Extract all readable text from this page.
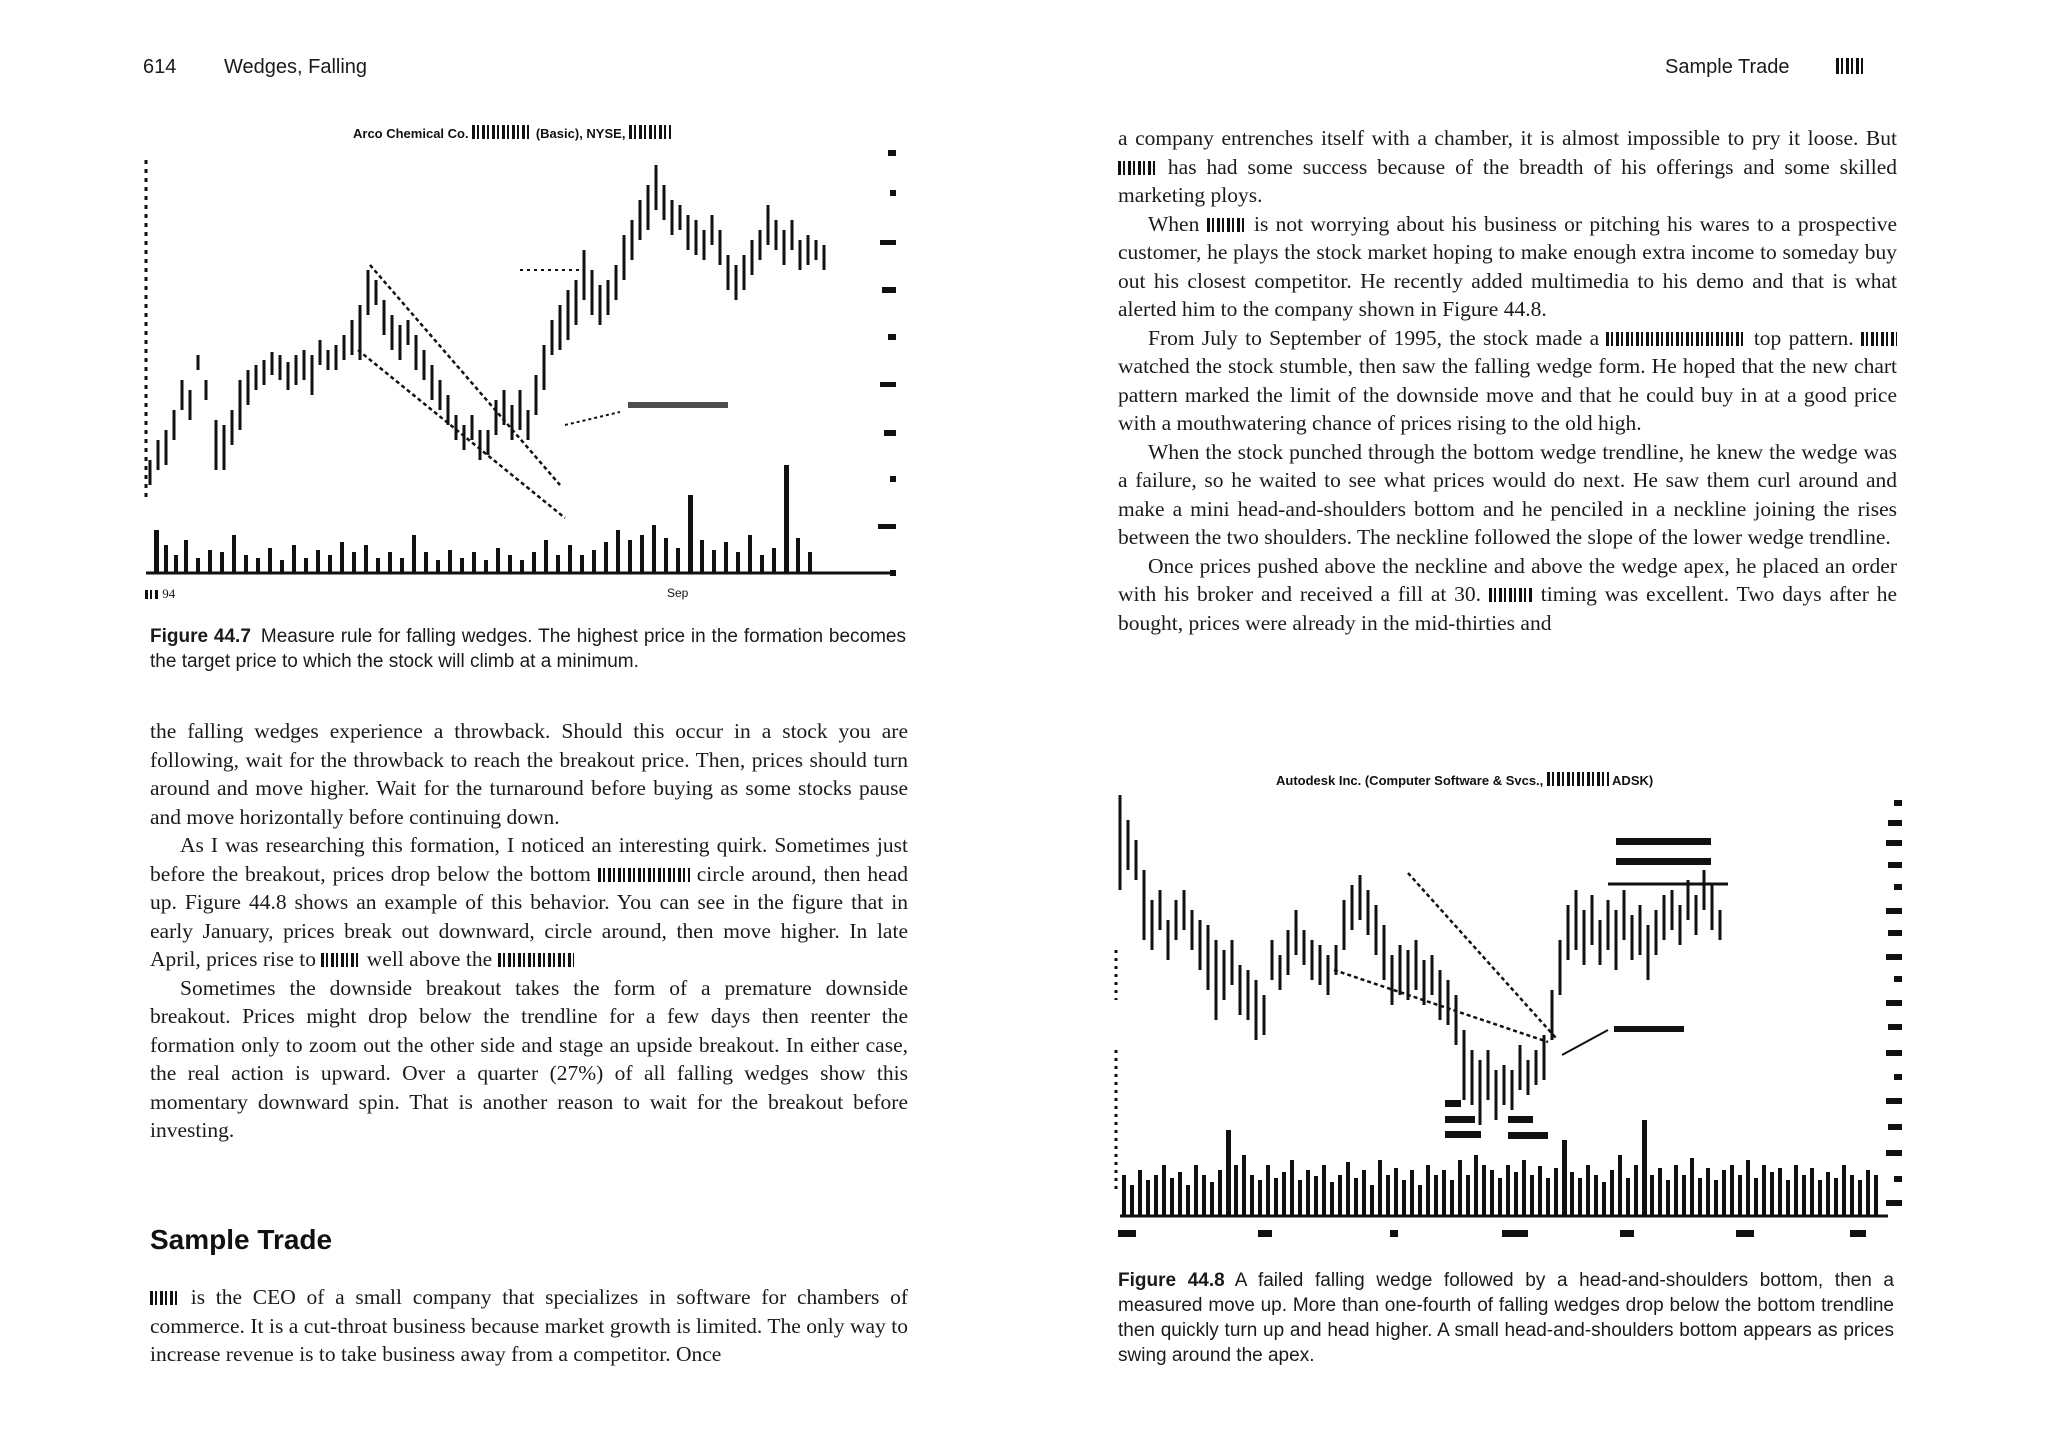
614 Wedges, Falling
Arco Chemical Co.	(Basic), NYSE,
94	Sep
Figure 44.7 Measure rule for falling wedges. The highest price in the formation becomes the target price to which the stock will climb at a minimum.

the falling wedges experience a throwback. Should this occur in a stock you are following, wait for the throwback to reach the breakout price. Then, prices should turn around and move higher. Wait for the turnaround before buying as some stocks pause and move horizontally before continuing down.

As I was researching this formation, I noticed an interesting quirk. Sometimes just before the breakout, prices drop below the bottom	circle around, then head up. Figure 44.8 shows an example of this behavior. You can see in the figure that in early January, prices break out downward, circle around, then move higher. In late April, prices rise to well above the

Sometimes the downside breakout takes the form of a premature downside breakout. Prices might drop below the trendline for a few days then reenter the formation only to zoom out the other side and stage an upside breakout. In either case, the real action is upward. Over a quarter (27%) of all falling wedges show this momentary downward spin. That is another reason to wait for the breakout before investing.

Sample Trade

is the CEO of a small company that specializes in software for chambers of commerce. It is a cut-throat business because market growth is limited. The only way to increase revenue is to take business away from a competitor. Once

Sample Trade

a company entrenches itself with a chamber, it is almost impossible to pry it loose. But  has had some success because of the breadth of his offerings and some skilled marketing ploys.

When	is not worrying about his business or pitching his wares to a prospective customer, he plays the stock market hoping to make enough extra income to someday buy out his closest competitor. He recently added multimedia to his demo and that is what alerted him to the company shown in Figure 44.8.

From July to September of 1995, the stock made a	top pattern.  watched the stock stumble, then saw the falling wedge form. He hoped that the new chart pattern marked the limit of the downside move and that he could buy in at a good price with a mouthwatering chance of prices rising to the old high.

When the stock punched through the bottom wedge trendline, he knew the wedge was a failure, so he waited to see what prices would do next. He saw them curl around and make a mini head-and-shoulders bottom and he penciled in a neckline joining the rises between the two shoulders. The neckline followed the slope of the lower wedge trendline.

Once prices pushed above the neckline and above the wedge apex, he placed an order with his broker and received a fill at 30.	timing was excellent. Two days after he bought, prices were already in the mid-thirties and

Autodesk Inc. (Computer Software & Svcs.,	ADSK)
Figure 44.8 A failed falling wedge followed by a head-and-shoulders bottom, then a measured move up. More than one-fourth of falling wedges drop below the bottom trendline then quickly turn up and head higher. A small head-and-shoulders bottom appears as prices swing around the apex.
